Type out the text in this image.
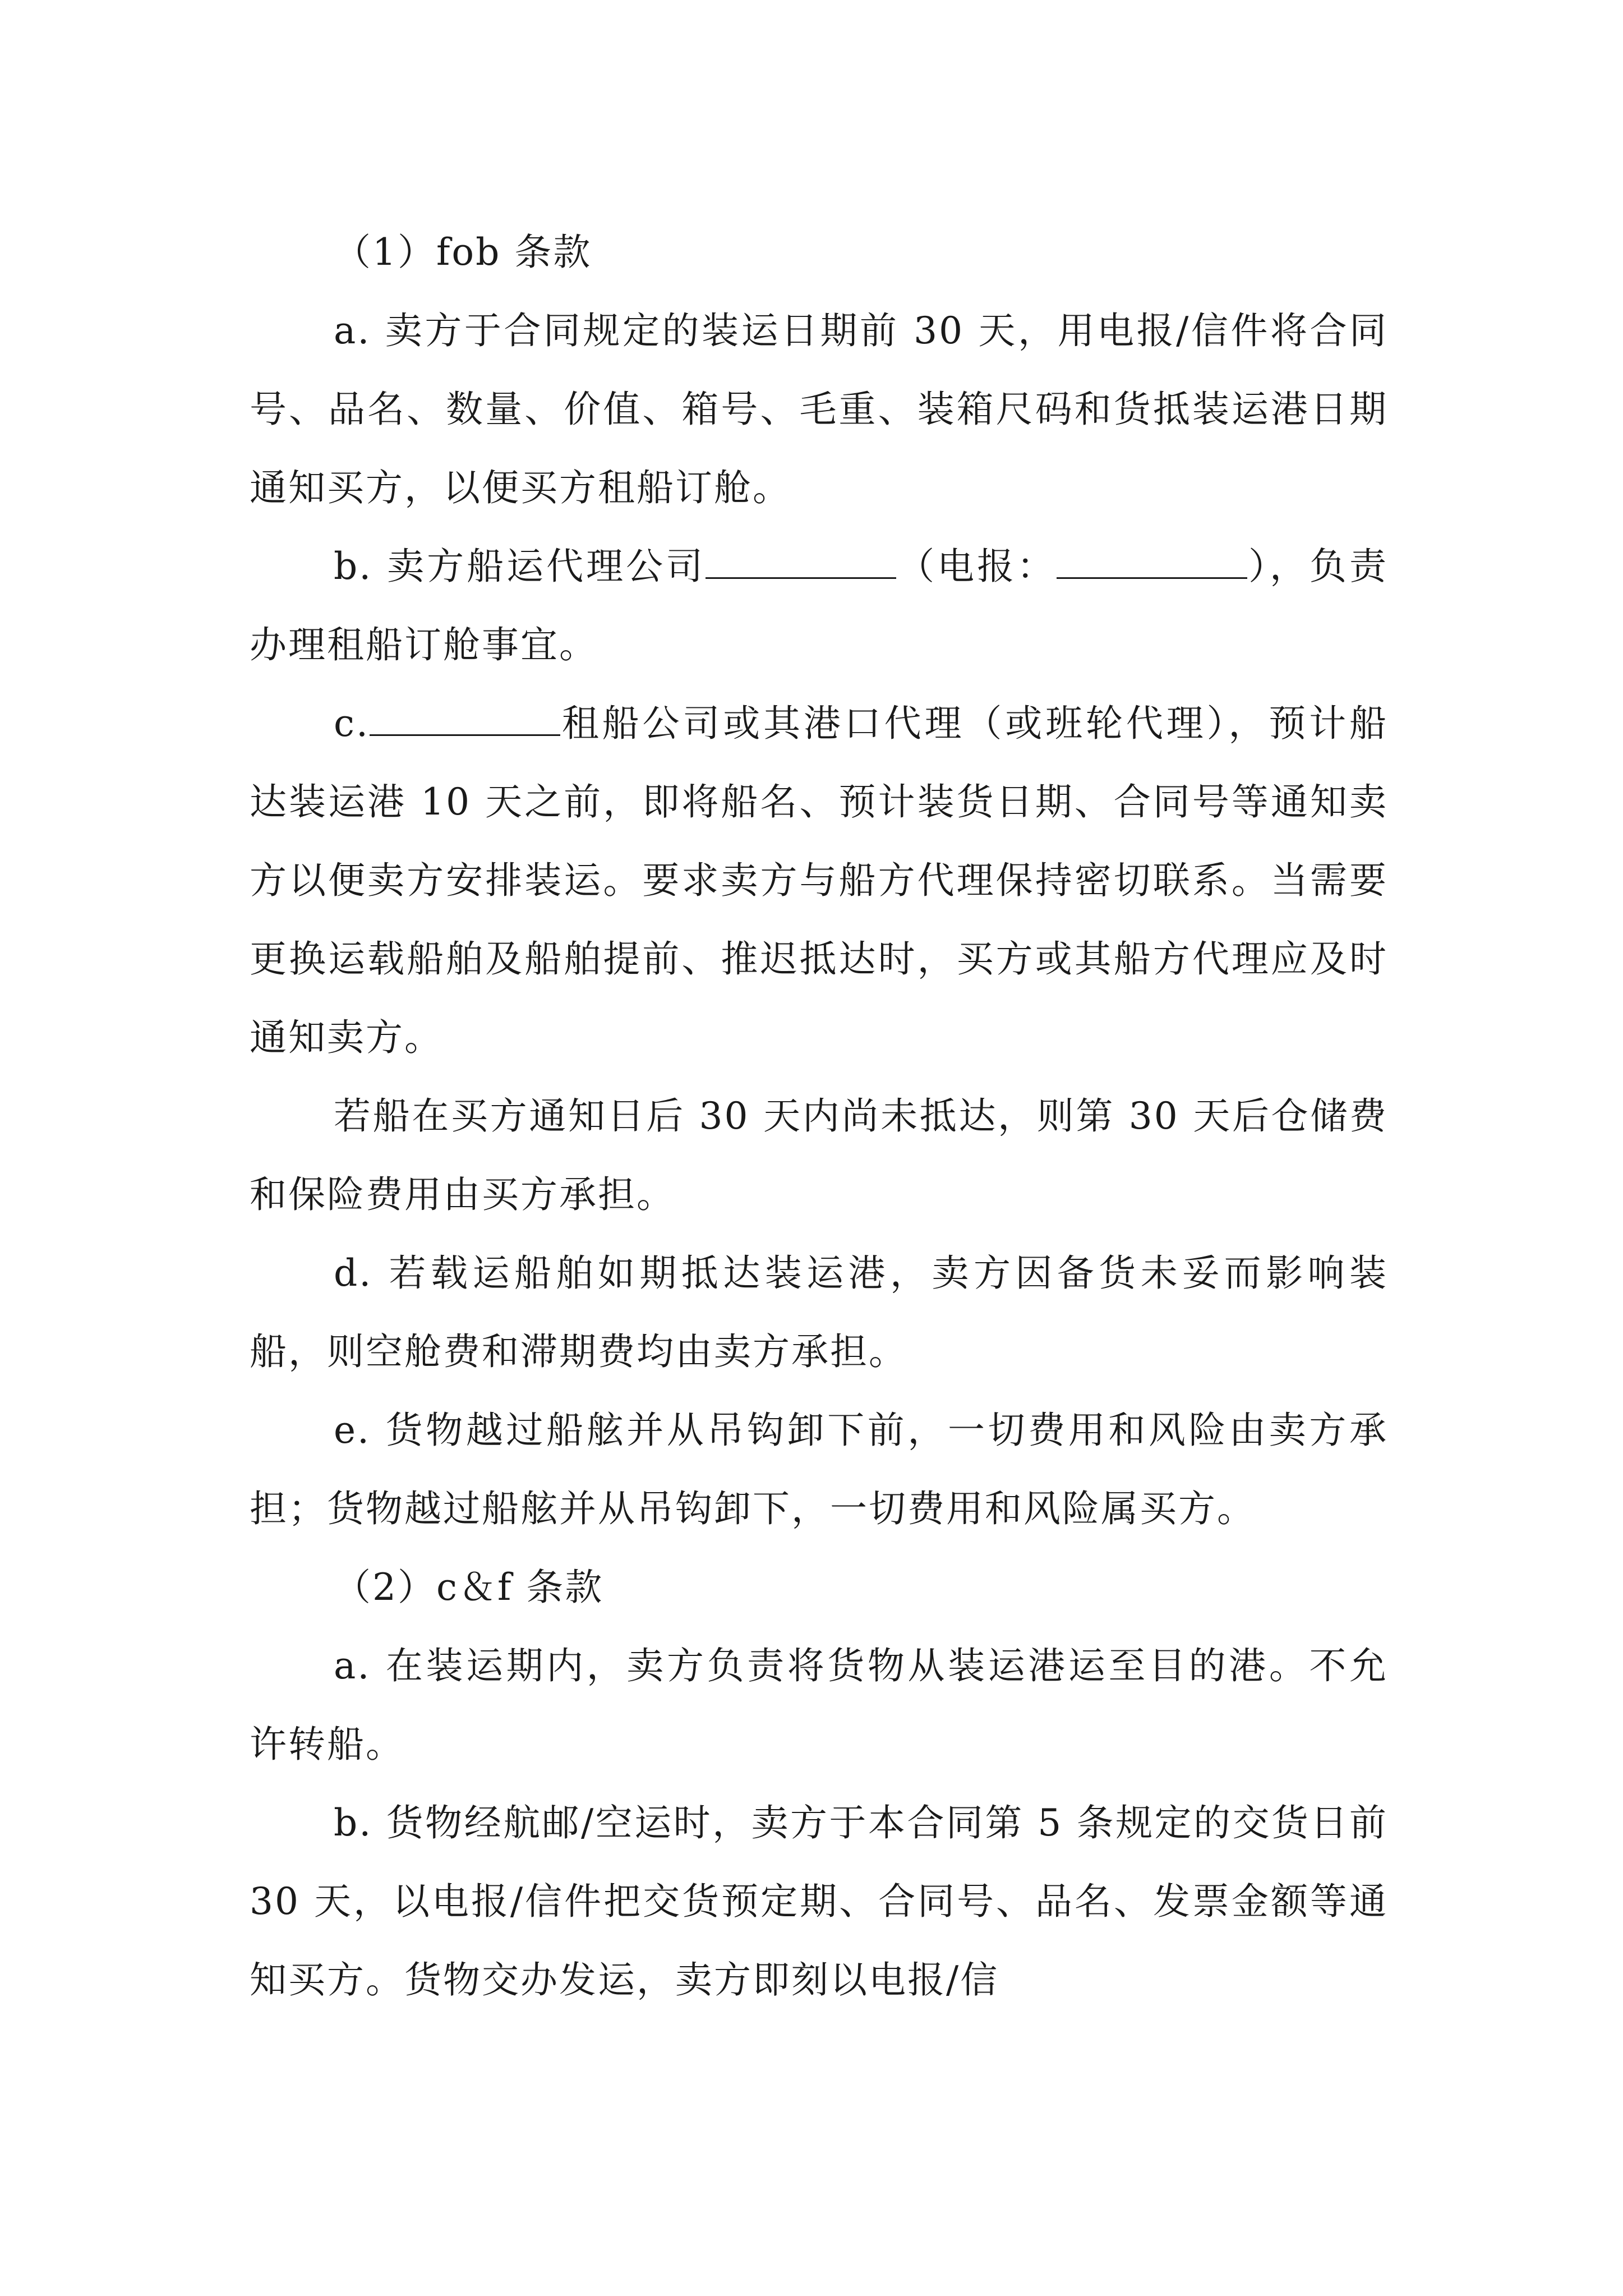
（1）fob 条款

a. 卖方于合同规定的装运日期前 30 天，用电报/信件将合同号、品名、数量、价值、箱号、毛重、装箱尺码和货抵装运港日期通知买方，以便买方租船订舱。

b. 卖方船运代理公司	（电报：	），负责办理租船订舱事宜。

c.	租船公司或其港口代理（或班轮代理），预计船达装运港 10 天之前，即将船名、预计装货日期、合同号等通知卖方以便卖方安排装运。要求卖方与船方代理保持密切联系。当需要更换运载船舶及船舶提前、推迟抵达时，买方或其船方代理应及时通知卖方。

若船在买方通知日后 30 天内尚未抵达，则第 30 天后仓储费和保险费用由买方承担。

d. 若载运船舶如期抵达装运港，卖方因备货未妥而影响装船，则空舱费和滞期费均由卖方承担。

e. 货物越过船舷并从吊钩卸下前，一切费用和风险由卖方承担；货物越过船舷并从吊钩卸下，一切费用和风险属买方。

（2）c＆f 条款

a. 在装运期内，卖方负责将货物从装运港运至目的港。不允许转船。

b. 货物经航邮/空运时，卖方于本合同第 5 条规定的交货日前 30 天，以电报/信件把交货预定期、合同号、品名、发票金额等通知买方。货物交办发运，卖方即刻以电报/信
